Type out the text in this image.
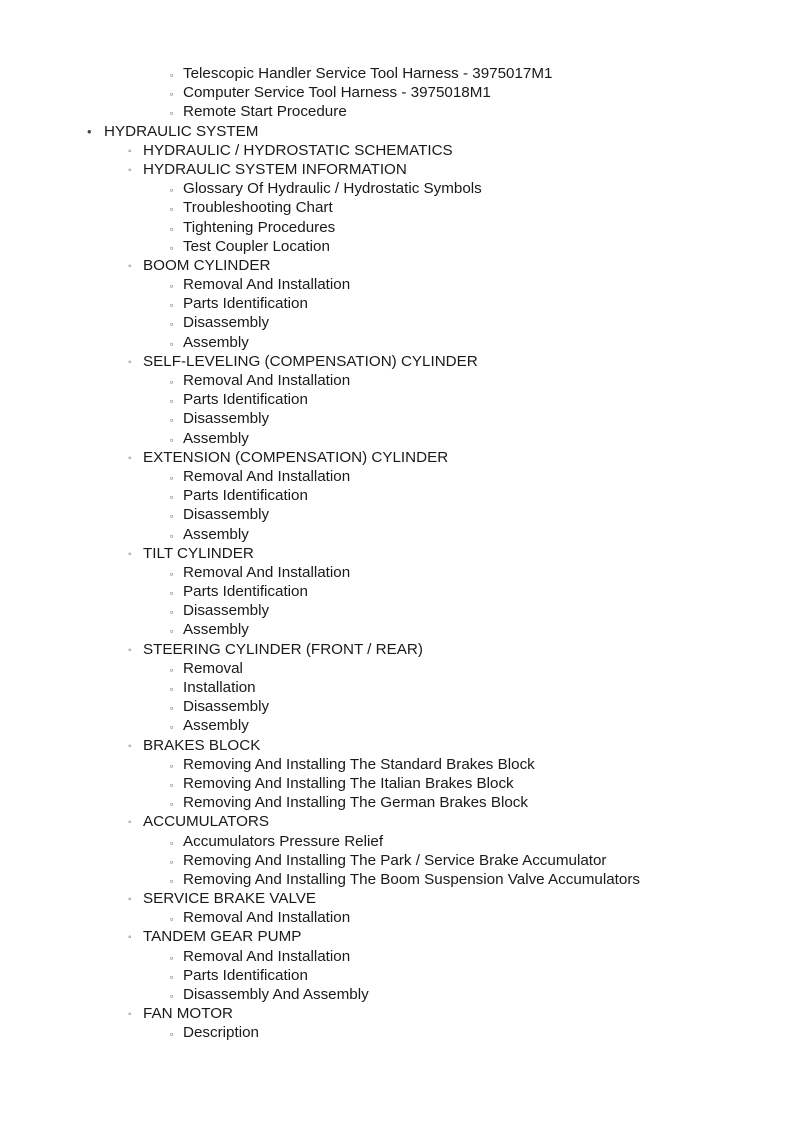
▫ Telescopic Handler Service Tool Harness - 3975017M1
▫ Computer Service Tool Harness - 3975018M1
▫ Remote Start Procedure
• HYDRAULIC SYSTEM
◦ HYDRAULIC / HYDROSTATIC SCHEMATICS
◦ HYDRAULIC SYSTEM INFORMATION
▫ Glossary Of Hydraulic / Hydrostatic Symbols
▫ Troubleshooting Chart
▫ Tightening Procedures
▫ Test Coupler Location
◦ BOOM CYLINDER
▫ Removal And Installation
▫ Parts Identification
▫ Disassembly
▫ Assembly
◦ SELF-LEVELING (COMPENSATION) CYLINDER
▫ Removal And Installation
▫ Parts Identification
▫ Disassembly
▫ Assembly
◦ EXTENSION (COMPENSATION) CYLINDER
▫ Removal And Installation
▫ Parts Identification
▫ Disassembly
▫ Assembly
◦ TILT CYLINDER
▫ Removal And Installation
▫ Parts Identification
▫ Disassembly
▫ Assembly
◦ STEERING CYLINDER (FRONT / REAR)
▫ Removal
▫ Installation
▫ Disassembly
▫ Assembly
◦ BRAKES BLOCK
▫ Removing And Installing The Standard Brakes Block
▫ Removing And Installing The Italian Brakes Block
▫ Removing And Installing The German Brakes Block
◦ ACCUMULATORS
▫ Accumulators Pressure Relief
▫ Removing And Installing The Park / Service Brake Accumulator
▫ Removing And Installing The Boom Suspension Valve Accumulators
◦ SERVICE BRAKE VALVE
▫ Removal And Installation
◦ TANDEM GEAR PUMP
▫ Removal And Installation
▫ Parts Identification
▫ Disassembly And Assembly
◦ FAN MOTOR
▫ Description
